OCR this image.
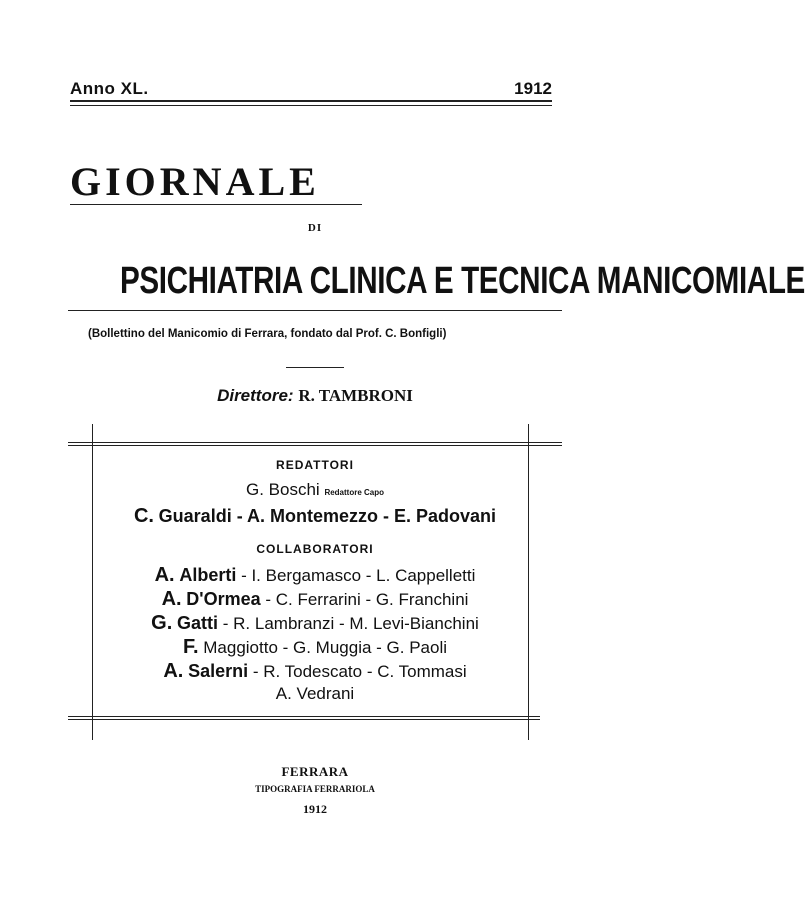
Anno XL.	1912
GIORNALE
DI
PSICHIATRIA CLINICA E TECNICA MANICOMIALE
(Bollettino del Manicomio di Ferrara, fondato dal Prof. C. Bonfigli)
Direttore: R. TAMBRONI
REDATTORI
G. Boschi Redattore Capo
C. Guaraldi - A. Montemezzo - E. Padovani
COLLABORATORI
A. Alberti - I. Bergamasco - L. Cappelletti
A. D'Ormea - C. Ferrarini - G. Franchini
G. Gatti - R. Lambranzi - M. Levi-Bianchini
F. Maggiotto - G. Muggia - G. Paoli
A. Salerni - R. Todescato - C. Tommasi
A. Vedrani
FERRARA
TIPOGRAFIA FERRARIOLA
1912
